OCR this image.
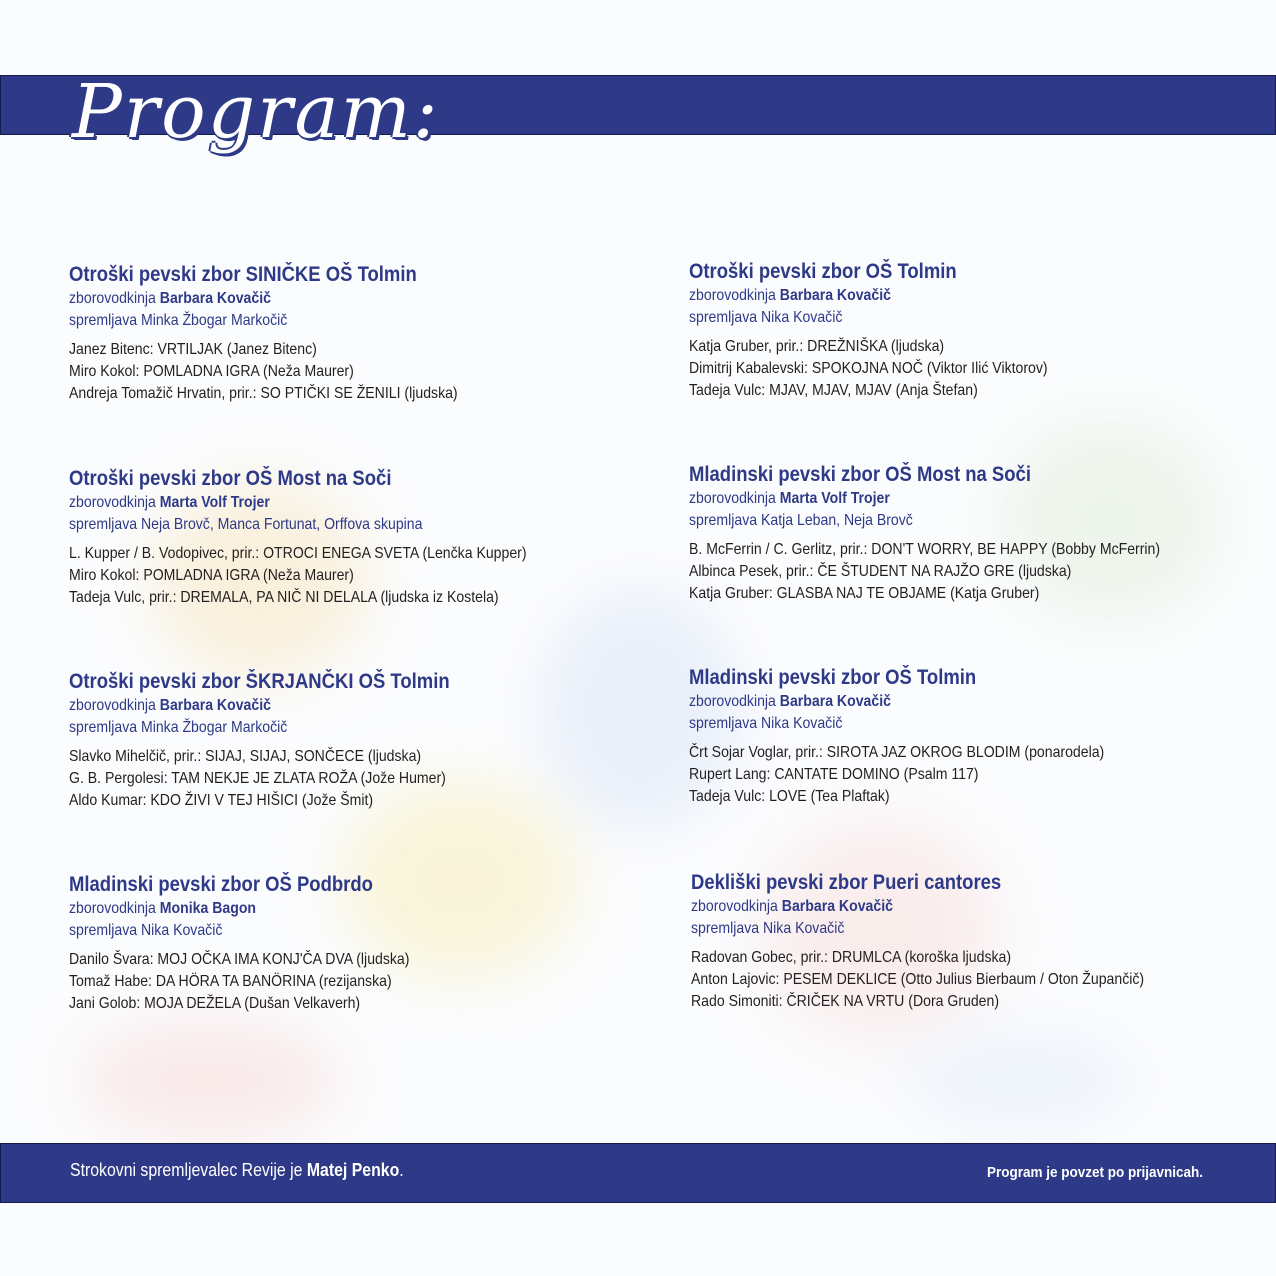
Program:
Otroški pevski zbor SINIČKE OŠ Tolmin
zborovodkinja Barbara Kovačič
spremljava Minka Žbogar Markočič
Janez Bitenc: VRTILJAK (Janez Bitenc)
Miro Kokol: POMLADNA IGRA (Neža Maurer)
Andreja Tomažič Hrvatin, prir.: SO PTIČKI SE ŽENILI (ljudska)
Otroški pevski zbor OŠ Tolmin
zborovodkinja Barbara Kovačič
spremljava Nika Kovačič
Katja Gruber, prir.: DREŽNIŠKA (ljudska)
Dimitrij Kabalevski: SPOKOJNA NOČ (Viktor Ilić Viktorov)
Tadeja Vulc: MJAV, MJAV, MJAV (Anja Štefan)
Otroški pevski zbor OŠ Most na Soči
zborovodkinja Marta Volf Trojer
spremljava Neja Brovč, Manca Fortunat, Orffova skupina
L. Kupper / B. Vodopivec, prir.: OTROCI ENEGA SVETA (Lenčka Kupper)
Miro Kokol: POMLADNA IGRA (Neža Maurer)
Tadeja Vulc, prir.: DREMALA, PA NIČ NI DELALA (ljudska iz Kostela)
Mladinski pevski zbor OŠ Most na Soči
zborovodkinja Marta Volf Trojer
spremljava Katja Leban, Neja Brovč
B. McFerrin / C. Gerlitz, prir.: DON'T WORRY, BE HAPPY (Bobby McFerrin)
Albinca Pesek, prir.: ČE ŠTUDENT NA RAJŽO GRE (ljudska)
Katja Gruber: GLASBA NAJ TE OBJAME (Katja Gruber)
Otroški pevski zbor ŠKRJANČKI OŠ Tolmin
zborovodkinja Barbara Kovačič
spremljava Minka Žbogar Markočič
Slavko Mihelčič, prir.: SIJAJ, SIJAJ, SONČECE (ljudska)
G. B. Pergolesi: TAM NEKJE JE ZLATA ROŽA (Jože Humer)
Aldo Kumar: KDO ŽIVI V TEJ HIŠICI (Jože Šmit)
Mladinski pevski zbor OŠ Tolmin
zborovodkinja Barbara Kovačič
spremljava Nika Kovačič
Črt Sojar Voglar, prir.: SIROTA JAZ OKROG BLODIM (ponarodela)
Rupert Lang: CANTATE DOMINO (Psalm 117)
Tadeja Vulc: LOVE (Tea Plaftak)
Mladinski pevski zbor OŠ Podbrdo
zborovodkinja Monika Bagon
spremljava Nika Kovačič
Danilo Švara: MOJ OČKA IMA KONJ'ČA DVA (ljudska)
Tomaž Habe: DA HÖRA TA BANÖRINA (rezijanska)
Jani Golob: MOJA DEŽELA (Dušan Velkaverh)
Dekliški pevski zbor Pueri cantores
zborovodkinja Barbara Kovačič
spremljava Nika Kovačič
Radovan Gobec, prir.: DRUMLCA (koroška ljudska)
Anton Lajovic: PESEM DEKLICE (Otto Julius Bierbaum / Oton Župančič)
Rado Simoniti: ČRIČEK NA VRTU (Dora Gruden)
Strokovni spremljevalec Revije je Matej Penko.	Program je povzet po prijavnicah.
